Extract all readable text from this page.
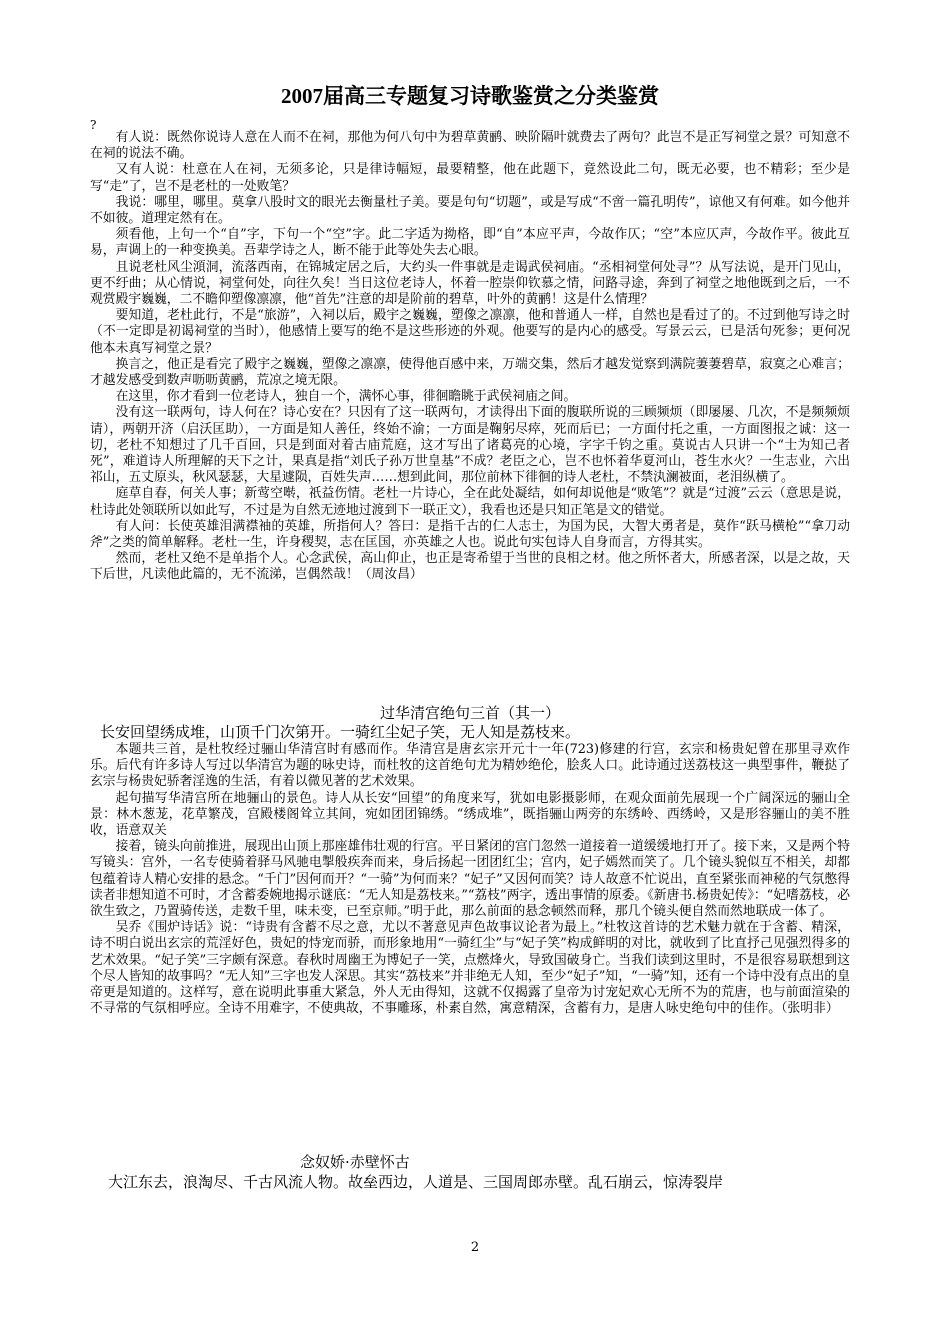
2007届高三专题复习诗歌鉴赏之分类鉴赏
?

有人说：既然你说诗人意在人而不在祠，那他为何八句中为碧草黄鹂、映阶隔叶就费去了两句？此岂不是正写祠堂之景？可知意不在祠的说法不确。

又有人说：杜意在人在祠，无须多论，只是律诗幅短，最要精整，他在此题下，竟然设此二句，既无必要，也不精彩；至少是写“走”了，岂不是老杜的一处败笔？

我说：哪里，哪里。莫拿八股时文的眼光去衡量杜子美。要是句句“切题”，或是写成“不啻一篇孔明传”，谅他又有何难。如今他并不如彼。道理定然有在。

须看他，上句一个“自”字，下句一个“空”字。此二字适为拗格，即“自”本应平声，今故作仄；“空”本应仄声，今故作平。彼此互易，声调上的一种变换美。吾辈学诗之人，断不能于此等处失去心眼。

且说老杜风尘澒洞，流落西南，在锦城定居之后，大约头一件事就是走谒武侯祠庙。“丞相祠堂何处寻”？从写法说，是开门见山，更不纡曲；从心情说，祠堂何处，向往久矣！当日这位老诗人，怀着一腔崇仰钦慕之情，问路寻途，奔到了祠堂之地他既到之后，一不观赏殿宇巍巍，二不瞻仰塑像凛凛，他“首先”注意的却是阶前的碧草，叶外的黄鹂！这是什么情理？

要知道，老杜此行，不是“旅游”，入祠以后，殿宇之巍巍，塑像之凛凛，他和普通人一样，自然也是看过了的。不过到他写诗之时（不一定即是初谒祠堂的当时），他感情上要写的绝不是这些形迹的外观。他要写的是内心的感受。写景云云，已是活句死参；更何况他本未真写祠堂之景？

换言之，他正是看完了殿宇之巍巍，塑像之凛凛，使得他百感中来，万端交集，然后才越发觉察到满院萋萋碧草，寂寞之心难言；才越发感受到数声呖呖黄鹂，荒凉之境无限。

在这里，你才看到一位老诗人，独自一个，满怀心事，徘徊瞻眺于武侯祠庙之间。

没有这一联两句，诗人何在？诗心安在？只因有了这一联两句，才读得出下面的腹联所说的三顾频烦（即屡屡、几次，不是频频烦请），两朝开济（启沃匡助），一方面是知人善任，终始不渝；一方面是鞠躬尽瘁，死而后已；一方面付托之重，一方面图报之诚：这一切，老杜不知想过了几千百回，只是到面对着古庙荒庭，这才写出了诸葛亮的心境，字字千钧之重。莫说古人只讲一个“士为知己者死”，难道诗人所理解的天下之计，果真是指“刘氏子孙万世皇基”不成？老臣之心，岂不也怀着华夏河山，苍生水火？一生志业，六出祁山，五丈原头，秋风瑟瑟，大星遽陨，百姓失声……想到此间，那位前林下徘徊的诗人老杜，不禁汍澜被面，老泪纵横了。

庭草自春，何关人事；新莺空啭，祇益伤情。老杜一片诗心，全在此处凝结，如何却说他是“败笔”？就是“过渡”云云（意思是说，杜诗此处领联所以如此写，不过是为自然无迹地过渡到下一联正文），我看也还是只知正笔是文的错觉。

有人问：长使英雄泪满襟袖的英雄，所指何人？答曰：是指千古的仁人志士，为国为民，大智大勇者是，莫作“跃马横枪”“拿刀动斧”之类的简单解释。老杜一生，许身稷契，志在匡国，亦英雄之人也。说此句实包诗人自身而言，方得其实。

然而，老杜又绝不是单指个人。心念武侯，高山仰止，也正是寄希望于当世的良相之材。他之所怀者大，所感者深，以是之故，天下后世，凡读他此篇的，无不流涕，岂偶然哉！（周汝昌）

过华清宫绝句三首（其一）
长安回望绣成堆，山顶千门次第开。一骑红尘妃子笑，无人知是荔枝来。

本题共三首，是杜牧经过骊山华清宫时有感而作。华清宫是唐玄宗开元十一年(723)修建的行宫，玄宗和杨贵妃曾在那里寻欢作乐。后代有许多诗人写过以华清宫为题的咏史诗，而杜牧的这首绝句尤为精妙绝伦，脍炙人口。此诗通过送荔枝这一典型事件，鞭挞了玄宗与杨贵妃骄奢淫逸的生活，有着以微见著的艺术效果。

起句描写华清宫所在地骊山的景色。诗人从长安“回望”的角度来写，犹如电影摄影师，在观众面前先展现一个广阔深远的骊山全景：林木葱茏，花草繁茂，宫殿楼阁耸立其间，宛如团团锦绣。“绣成堆”，既指骊山两旁的东绣岭、西绣岭，又是形容骊山的美不胜收，语意双关

接着，镜头向前推进，展现出山顶上那座雄伟壮观的行宫。平日紧闭的宫门忽然一道接着一道缓缓地打开了。接下来，又是两个特写镜头：宫外，一名专使骑着驿马风驰电掣般疾奔而来，身后扬起一团团红尘；宫内，妃子嫣然而笑了。几个镜头貌似互不相关，却都包蕴着诗人精心安排的悬念。“千门”因何而开？“一骑”为何而来？“妃子”又因何而笑？诗人故意不忙说出，直至紧张而神秘的气氛憋得读者非想知道不可时，才含蓄委婉地揭示谜底：“无人知是荔枝来。”“荔枝”两字，透出事情的原委。《新唐书.杨贵妃传》：“妃嗜荔枝，必欲生致之，乃置骑传送，走数千里，味未变，已至京师。”明于此，那么前面的悬念顿然而释，那几个镜头便自然而然地联成一体了。

吴乔《围炉诗话》说：“诗贵有含蓄不尽之意，尤以不著意见声色故事议论者为最上。”杜牧这首诗的艺术魅力就在于含蓄、精深，诗不明白说出玄宗的荒淫好色，贵妃的恃宠而骄，而形象地用“一骑红尘”与“妃子笑”构成鲜明的对比，就收到了比直抒己见强烈得多的艺术效果。“妃子笑”三字颇有深意。春秋时周幽王为博妃子一笑，点燃烽火，导致国破身亡。当我们读到这里时，不是很容易联想到这个尽人皆知的故事吗？“无人知”三字也发人深思。其实“荔枝来”并非绝无人知，至少“妃子”知，“一骑”知，还有一个诗中没有点出的皇帝更是知道的。这样写，意在说明此事重大紧急，外人无由得知，这就不仅揭露了皇帝为讨宠妃欢心无所不为的荒唐，也与前面渲染的不寻常的气氛相呼应。全诗不用难字，不使典故，不事雕琢，朴素自然，寓意精深，含蓄有力，是唐人咏史绝句中的佳作。（张明非）

念奴娇·赤壁怀古
大江东去，浪淘尽、千古风流人物。故垒西边，人道是、三国周郎赤壁。乱石崩云，惊涛裂岸
2
